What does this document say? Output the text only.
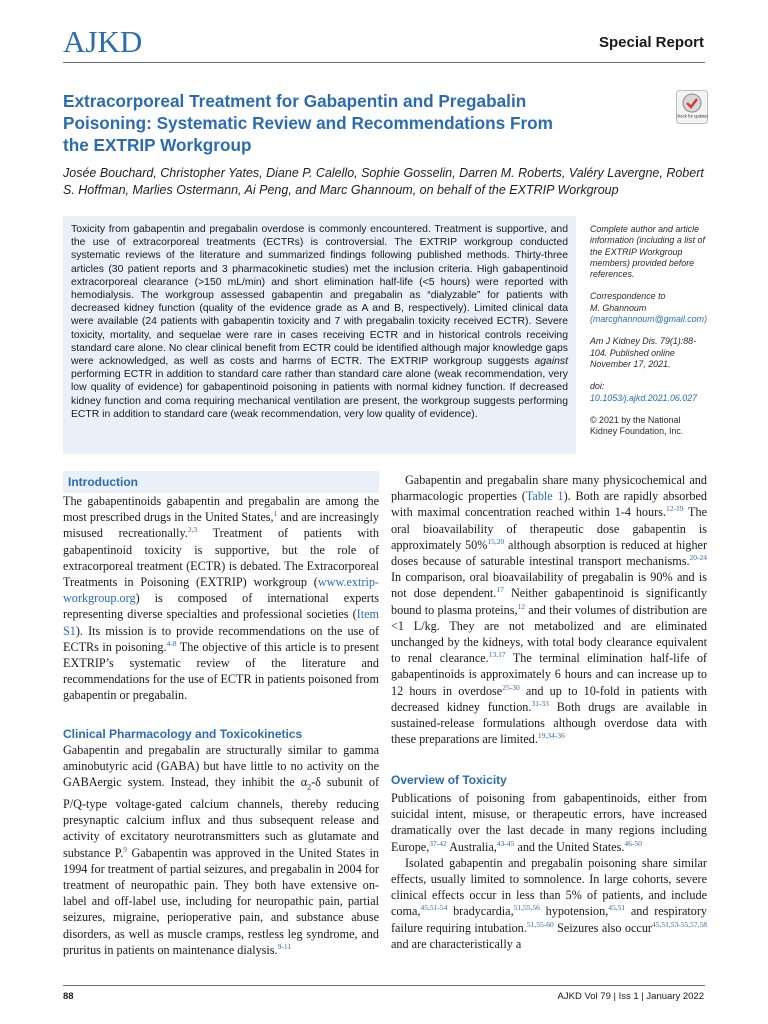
AJKD	Special Report
Extracorporeal Treatment for Gabapentin and Pregabalin Poisoning: Systematic Review and Recommendations From the EXTRIP Workgroup
Check for updates
Josée Bouchard, Christopher Yates, Diane P. Calello, Sophie Gosselin, Darren M. Roberts, Valéry Lavergne, Robert S. Hoffman, Marlies Ostermann, Ai Peng, and Marc Ghannoum, on behalf of the EXTRIP Workgroup
Toxicity from gabapentin and pregabalin overdose is commonly encountered. Treatment is supportive, and the use of extracorporeal treatments (ECTRs) is controversial. The EXTRIP workgroup conducted systematic reviews of the literature and summarized findings following published methods. Thirty-three articles (30 patient reports and 3 pharmacokinetic studies) met the inclusion criteria. High gabapentinoid extracorporeal clearance (>150 mL/min) and short elimination half-life (<5 hours) were reported with hemodialysis. The workgroup assessed gabapentin and pregabalin as “dialyzable” for patients with decreased kidney function (quality of the evidence grade as A and B, respectively). Limited clinical data were available (24 patients with gabapentin toxicity and 7 with pregabalin toxicity received ECTR). Severe toxicity, mortality, and sequelae were rare in cases receiving ECTR and in historical controls receiving standard care alone. No clear clinical benefit from ECTR could be identified although major knowledge gaps were acknowledged, as well as costs and harms of ECTR. The EXTRIP workgroup suggests against performing ECTR in addition to standard care rather than standard care alone (weak recommendation, very low quality of evidence) for gabapentinoid poisoning in patients with normal kidney function. If decreased kidney function and coma requiring mechanical ventilation are present, the workgroup suggests performing ECTR in addition to standard care (weak recommendation, very low quality of evidence).

Complete author and article information (including a list of the EXTRIP Workgroup members) provided before references.

Correspondence to
M. Ghannoum
(marcghannoum@gmail.com)

Am J Kidney Dis. 79(1):88-104. Published online November 17, 2021.

doi: 10.1053/j.ajkd.2021.06.027

© 2021 by the National Kidney Foundation, Inc.

Introduction

The gabapentinoids gabapentin and pregabalin are among the most prescribed drugs in the United States,$^1$ and are increasingly misused recreationally.$^{2,3}$ Treatment of patients with gabapentinoid toxicity is supportive, but the role of extracorporeal treatment (ECTR) is debated. The Extracorporeal Treatments in Poisoning (EXTRIP) workgroup (www.extrip-workgroup.org) is composed of international experts representing diverse specialties and professional societies (Item S1). Its mission is to provide recommendations on the use of ECTRs in poisoning.$^{4-8}$ The objective of this article is to present EXTRIP’s systematic review of the literature and recommendations for the use of ECTR in patients poisoned from gabapentin or pregabalin.

Clinical Pharmacology and Toxicokinetics

Gabapentin and pregabalin are structurally similar to gamma aminobutyric acid (GABA) but have little to no activity on the GABAergic system. Instead, they inhibit the $\alpha_2-\delta$ subunit of P/Q-type voltage-gated calcium channels, thereby reducing presynaptic calcium influx and thus subsequent release and activity of excitatory neurotransmitters such as glutamate and substance P.$^9$ Gabapentin was approved in the United States in 1994 for treatment of partial seizures, and pregabalin in 2004 for treatment of neuropathic pain. They both have extensive on-label and off-label use, including for neuropathic pain, partial seizures, migraine, perioperative pain, and substance abuse disorders, as well as muscle cramps, restless leg syndrome, and pruritus in patients on maintenance dialysis.$^{9-11}$

Gabapentin and pregabalin share many physicochemical and pharmacologic properties (Table 1). Both are rapidly absorbed with maximal concentration reached within 1-4 hours.$^{12-19}$ The oral bioavailability of therapeutic dose gabapentin is approximately 50%$^{15,20}$ although absorption is reduced at higher doses because of saturable intestinal transport mechanisms.$^{20-24}$ In comparison, oral bioavailability of pregabalin is 90% and is not dose dependent.$^{17}$ Neither gabapentinoid is significantly bound to plasma proteins,$^{12}$ and their volumes of distribution are <1 L/kg. They are not metabolized and are eliminated unchanged by the kidneys, with total body clearance equivalent to renal clearance.$^{13,17}$ The terminal elimination half-life of gabapentinoids is approximately 6 hours and can increase up to 12 hours in overdose$^{25-30}$ and up to 10-fold in patients with decreased kidney function.$^{31-33}$ Both drugs are available in sustained-release formulations although overdose data with these preparations are limited.$^{19,34-36}$

Overview of Toxicity

Publications of poisoning from gabapentinoids, either from suicidal intent, misuse, or therapeutic errors, have increased dramatically over the last decade in many regions including Europe,$^{37-42}$ Australia,$^{43-45}$ and the United States.$^{46-50}$

Isolated gabapentin and pregabalin poisoning share similar effects, usually limited to somnolence. In large cohorts, severe clinical effects occur in less than 5% of patients, and include coma,$^{45,51-54}$ bradycardia,$^{51,55,56}$ hypotension,$^{45,51}$ and respiratory failure requiring intubation.$^{51,55-60}$ Seizures also occur$^{45,51,53-55,57,58}$ and are characteristically a

88	AJKD Vol 79 | Iss 1 | January 2022
